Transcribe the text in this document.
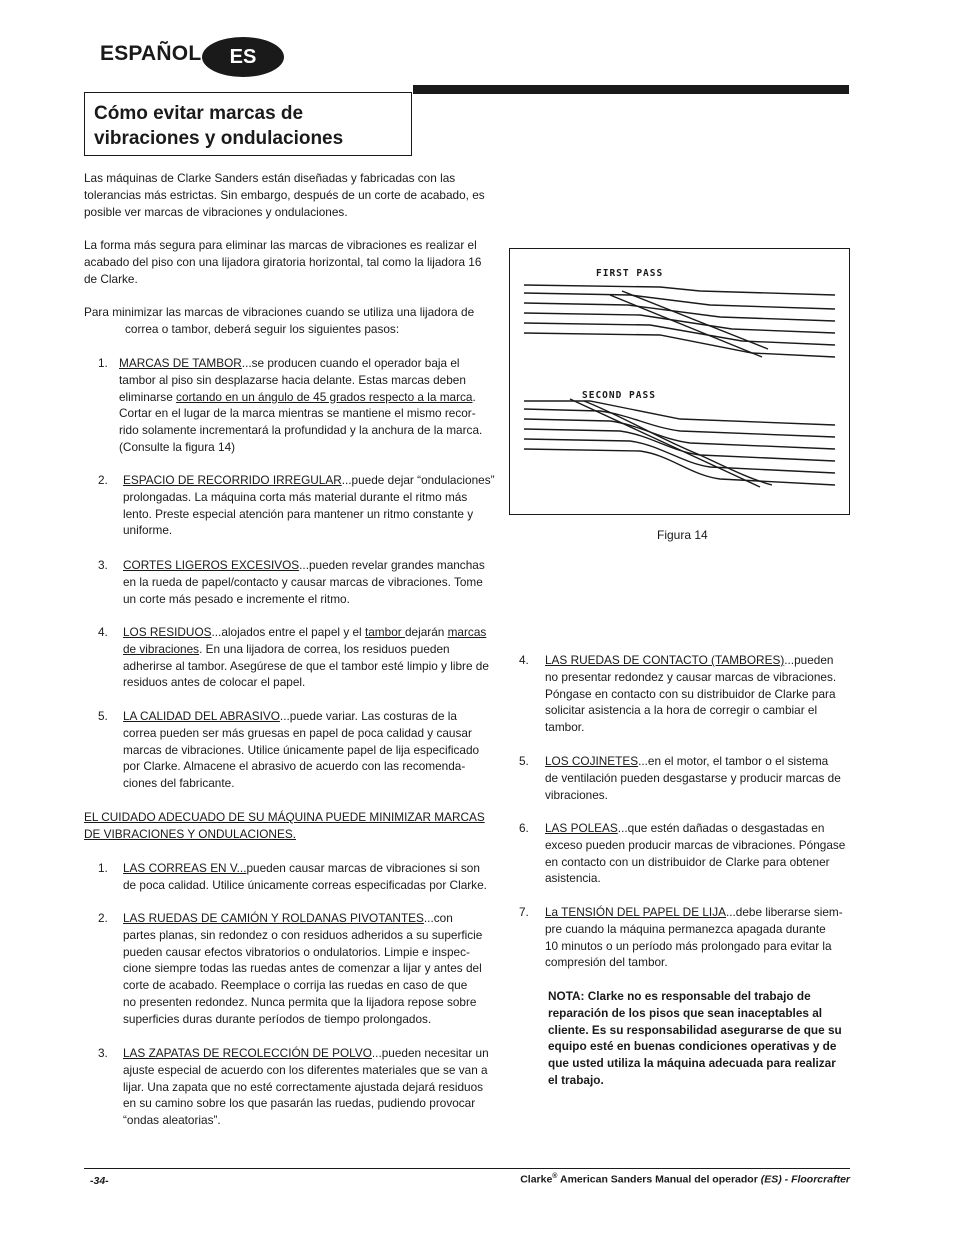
ESPAÑOL	ES
Cómo evitar marcas de
vibraciones y ondulaciones
Las máquinas de Clarke Sanders están diseñadas y fabricadas con las
tolerancias más estrictas. Sin embargo, después de un corte de acabado, es
posible ver marcas de vibraciones y ondulaciones.
La forma más segura para eliminar las marcas de vibraciones es realizar el
acabado del piso con una lijadora giratoria horizontal, tal como la lijadora 16
de Clarke.
Para minimizar las marcas de vibraciones cuando se utiliza una lijadora de
correa o tambor, deberá seguir los siguientes pasos:
1. MARCAS DE TAMBOR...se producen cuando el operador baja el
tambor al piso sin desplazarse hacia delante. Estas marcas deben
eliminarse cortando en un ángulo de 45 grados respecto a la marca.
Cortar en el lugar de la marca mientras se mantiene el mismo recor-
rido solamente incrementará la profundidad y la anchura de la marca.
(Consulte la figura 14)
2. ESPACIO DE RECORRIDO IRREGULAR...puede dejar “ondulaciones”
prolongadas. La máquina corta más material durante el ritmo más
lento. Preste especial atención para mantener un ritmo constante y
uniforme.
3. CORTES LIGEROS EXCESIVOS...pueden revelar grandes manchas
en la rueda de papel/contacto y causar marcas de vibraciones. Tome
un corte más pesado e incremente el ritmo.
4. LOS RESIDUOS...alojados entre el papel y el tambor dejarán marcas
de vibraciones. En una lijadora de correa, los residuos pueden
adherirse al tambor. Asegúrese de que el tambor esté limpio y libre de
residuos antes de colocar el papel.
5. LA CALIDAD DEL ABRASIVO...puede variar. Las costuras de la
correa pueden ser más gruesas en papel de poca calidad y causar
marcas de vibraciones. Utilice únicamente papel de lija especificado
por Clarke. Almacene el abrasivo de acuerdo con las recomenda-
ciones del fabricante.
EL CUIDADO ADECUADO DE SU MÁQUINA PUEDE MINIMIZAR MARCAS
DE VIBRACIONES Y ONDULACIONES.
1. LAS CORREAS EN V...pueden causar marcas de vibraciones si son
de poca calidad. Utilice únicamente correas especificadas por Clarke.
2. LAS RUEDAS DE CAMIÓN Y ROLDANAS PIVOTANTES...con
partes planas, sin redondez o con residuos adheridos a su superficie
pueden causar efectos vibratorios o ondulatorios. Limpie e inspec-
cione siempre todas las ruedas antes de comenzar a lijar y antes del
corte de acabado. Reemplace o corrija las ruedas en caso de que
no presenten redondez. Nunca permita que la lijadora repose sobre
superficies duras durante períodos de tiempo prolongados.
3. LAS ZAPATAS DE RECOLECCIÓN DE POLVO...pueden necesitar un
ajuste especial de acuerdo con los diferentes materiales que se van a
lijar. Una zapata que no esté correctamente ajustada dejará residuos
en su camino sobre los que pasarán las ruedas, pudiendo provocar
“ondas aleatorias”.
FIRST PASS
SECOND PASS
Figura 14
4. LAS RUEDAS DE CONTACTO (TAMBORES)...pueden
no presentar redondez y causar marcas de vibraciones.
Póngase en contacto con su distribuidor de Clarke para
solicitar asistencia a la hora de corregir o cambiar el
tambor.
5. LOS COJINETES...en el motor, el tambor o el sistema
de ventilación pueden desgastarse y producir marcas de
vibraciones.
6. LAS POLEAS...que estén dañadas o desgastadas en
exceso pueden producir marcas de vibraciones. Póngase
en contacto con un distribuidor de Clarke para obtener
asistencia.
7. La TENSIÓN DEL PAPEL DE LIJA...debe liberarse siem-
pre cuando la máquina permanezca apagada durante
10 minutos o un período más prolongado para evitar la
compresión del tambor.
NOTA: Clarke no es responsable del trabajo de
reparación de los pisos que sean inaceptables al
cliente. Es su responsabilidad asegurarse de que su
equipo esté en buenas condiciones operativas y de
que usted utiliza la máquina adecuada para realizar
el trabajo.
-34-	Clarke® American Sanders Manual del operador (ES) - Floorcrafter
